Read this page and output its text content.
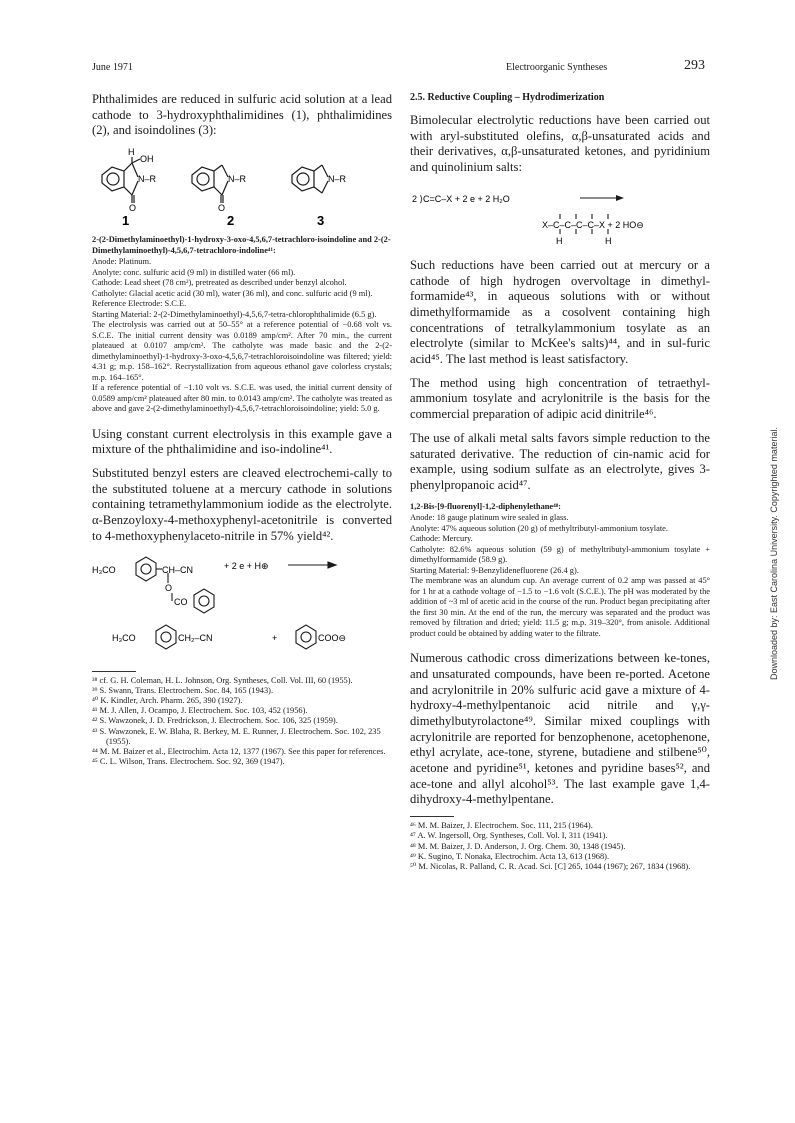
June 1971	Electroorganic Syntheses	293

Phthalimides are reduced in sulfuric acid solution at a lead cathode to 3-hydroxyphthalimidines (1), phthalimidines (2), and isoindolines (3):

H
OH
N–R
O
N–R
O
N–R
1	2	3

2-(2-Dimethylaminoethyl)-1-hydroxy-3-oxo-4,5,6,7-tetrachloro-isoindoline and 2-(2-Dimethylaminoethyl)-4,5,6,7-tetrachloro-indoline⁴¹:

Anode: Platinum.

Anolyte: conc. sulfuric acid (9 ml) in distilled water (66 ml).

Cathode: Lead sheet (78 cm²), pretreated as described under benzyl alcohol.

Catholyte: Glacial acetic acid (30 ml), water (36 ml), and conc. sulfuric acid (9 ml).

Reference Electrode: S.C.E.

Starting Material: 2-(2-Dimethylaminoethyl)-4,5,6,7-tetra-chlorophthalimide (6.5 g).

The electrolysis was carried out at 50–55° at a reference potential of −0.68 volt vs. S.C.E. The initial current density was 0.0189 amp/cm². After 70 min., the current plateaued at 0.0107 amp/cm². The catholyte was made basic and the 2-(2-dimethylaminoethyl)-1-hydroxy-3-oxo-4,5,6,7-tetrachloroisoindoline was filtered; yield: 4.31 g; m.p. 158–162°. Recrystallization from aqueous ethanol gave colorless crystals; m.p. 164–165°.

If a reference potential of −1.10 volt vs. S.C.E. was used, the initial current density of 0.0589 amp/cm² plateaued after 80 min. to 0.0143 amp/cm². The catholyte was treated as above and gave 2-(2-dimethylaminoethyl)-4,5,6,7-tetrachloroisoindoline; yield: 5.0 g.

Using constant current electrolysis in this example gave a mixture of the phthalimidine and iso-indoline⁴¹.

Substituted benzyl esters are cleaved electrochemi-cally to the substituted toluene at a mercury cathode in solutions containing tetramethylammonium iodide as the electrolyte. α-Benzoyloxy-4-methoxyphenyl-acetonitrile is converted to 4-methoxyphenylaceto-nitrile in 57% yield⁴².

H₃CO	CH–CN
O
CO
+ 2 e + H⊕
H₃CO	CH₂–CN	+	COO⊖

³⁸ cf. G. H. Coleman, H. L. Johnson, Org. Syntheses, Coll. Vol. III, 60 (1955).

³⁹ S. Swann, Trans. Electrochem. Soc. 84, 165 (1943).

⁴⁰ K. Kindler, Arch. Pharm. 265, 390 (1927).

⁴¹ M. J. Allen, J. Ocampo, J. Electrochem. Soc. 103, 452 (1956).

⁴² S. Wawzonek, J. D. Fredrickson, J. Electrochem. Soc. 106, 325 (1959).

⁴³ S. Wawzonek, E. W. Blaha, R. Berkey, M. E. Runner, J. Electrochem. Soc. 102, 235 (1955).

⁴⁴ M. M. Baizer et al., Electrochim. Acta 12, 1377 (1967). See this paper for references.

⁴⁵ C. L. Wilson, Trans. Electrochem. Soc. 92, 369 (1947).

2.5. Reductive Coupling – Hydrodimerization

Bimolecular electrolytic reductions have been carried out with aryl-substituted olefins, α,β-unsaturated acids and their derivatives, α,β-unsaturated ketones, and pyridinium and quinolinium salts:

2 ⟩C=C–X + 2 e + 2 H₂O
X–C–C–C–C–X + 2 HO⊖
H	H

Such reductions have been carried out at mercury or a cathode of high hydrogen overvoltage in dimethyl-formamide⁴³, in aqueous solutions with or without dimethylformamide as a cosolvent containing high concentrations of tetralkylammonium tosylate as an electrolyte (similar to McKee's salts)⁴⁴, and in sul-furic acid⁴⁵. The last method is least satisfactory.

The method using high concentration of tetraethyl-ammonium tosylate and acrylonitrile is the basis for the commercial preparation of adipic acid dinitrile⁴⁶.

The use of alkali metal salts favors simple reduction to the saturated derivative. The reduction of cin-namic acid for example, using sodium sulfate as an electrolyte, gives 3-phenylpropanoic acid⁴⁷.

1,2-Bis-[9-fluorenyl]-1,2-diphenylethane⁴⁸:

Anode: 18 gauge platinum wire sealed in glass.

Anolyte: 47% aqueous solution (20 g) of methyltributyl-ammonium tosylate.

Cathode: Mercury.

Catholyte: 82.6% aqueous solution (59 g) of methyltributyl-ammonium tosylate + dimethylformamide (58.9 g).

Starting Material: 9-Benzylidenefluorene (26.4 g).

The membrane was an alundum cup. An average current of 0.2 amp was passed at 45° for 1 hr at a cathode voltage of −1.5 to −1.6 volt (S.C.E.). The pH was moderated by the addition of ~3 ml of acetic acid in the course of the run. Product began precipitating after the first 30 min. At the end of the run, the mercury was separated and the product was removed by filtration and dried; yield: 11.5 g; m.p. 319–320°, from anisole. Additional product could be obtained by adding water to the filtrate.

Numerous cathodic cross dimerizations between ke-tones, and unsaturated compounds, have been re-ported. Acetone and acrylonitrile in 20% sulfuric acid gave a mixture of 4-hydroxy-4-methylpentanoic acid nitrile and γ,γ-dimethylbutyrolactone⁴⁹. Similar mixed couplings with acrylonitrile are reported for benzophenone, acetophenone, ethyl acrylate, ace-tone, styrene, butadiene and stilbene⁵⁰, acetone and pyridine⁵¹, ketones and pyridine bases⁵², and ace-tone and allyl alcohol⁵³. The last example gave 1,4-dihydroxy-4-methylpentane.

⁴⁶ M. M. Baizer, J. Electrochem. Soc. 111, 215 (1964).

⁴⁷ A. W. Ingersoll, Org. Syntheses, Coll. Vol. I, 311 (1941).

⁴⁸ M. M. Baizer, J. D. Anderson, J. Org. Chem. 30, 1348 (1945).

⁴⁹ K. Sugino, T. Nonaka, Electrochim. Acta 13, 613 (1968).

⁵⁰ M. Nicolas, R. Palland, C. R. Acad. Sci. [C] 265, 1044 (1967); 267, 1834 (1968).

Downloaded by: East Carolina University. Copyrighted material.
